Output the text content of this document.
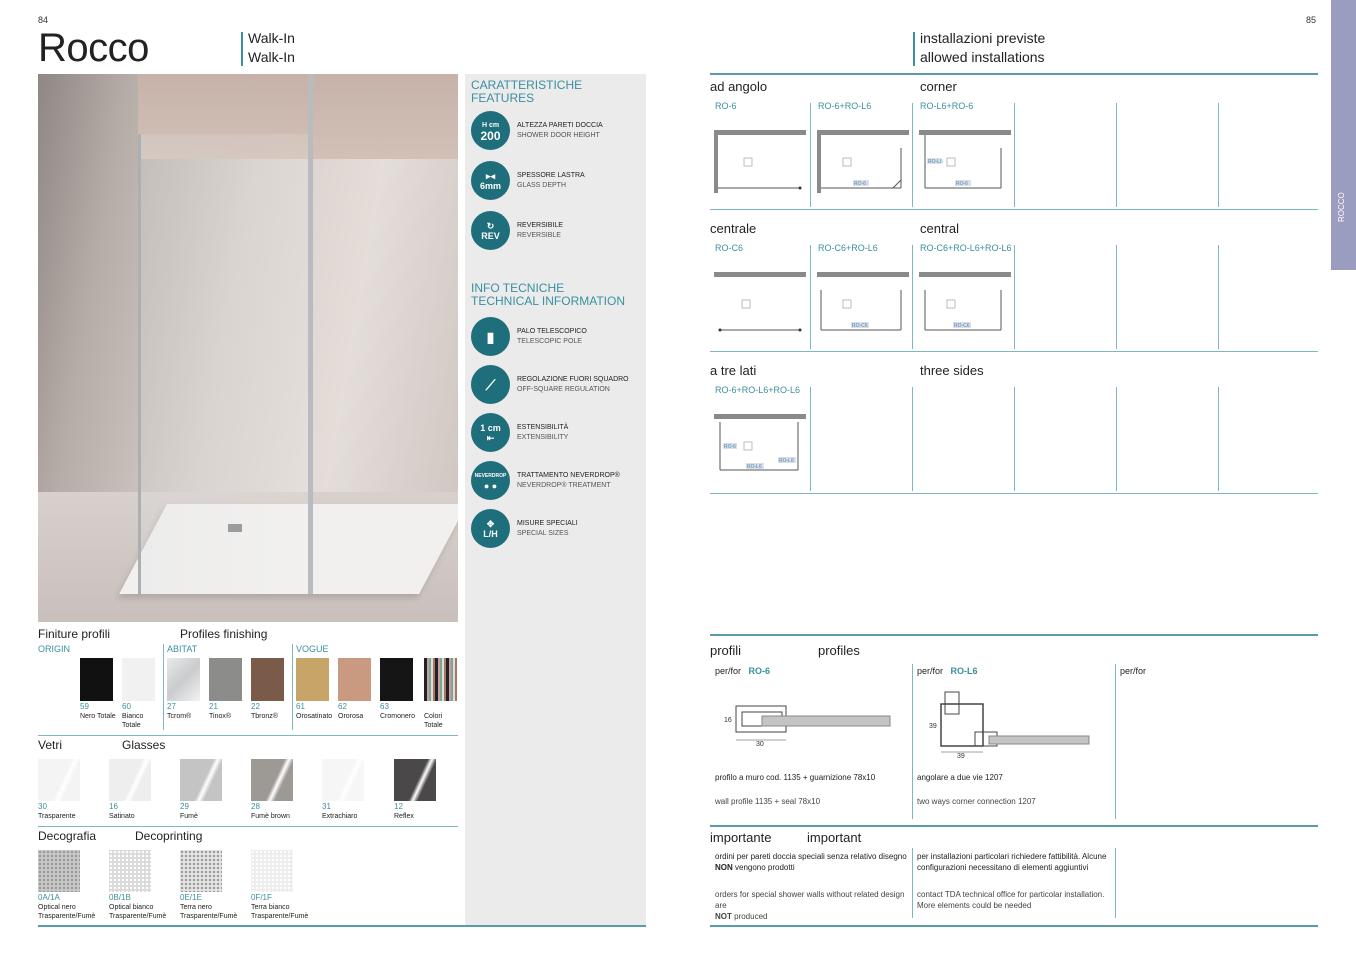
84
Rocco	Walk-In
Walk-In
CARATTERISTICHE
FEATURES
H cm
200
ALTEZZA PARETI DOCCIA
SHOWER DOOR HEIGHT
▸◂
6mm
SPESSORE LASTRA
GLASS DEPTH
↻
REV
REVERSIBILE
REVERSIBLE
INFO TECNICHE
TECHNICAL INFORMATION
▮	PALO TELESCOPICO
TELESCOPIC POLE
⟋	REGOLAZIONE FUORI SQUADRO
OFF-SQUARE REGULATION
1 cm
⇤
ESTENSIBILITÀ
EXTENSIBILITY
NEVERDROP
● ●
TRATTAMENTO NEVERDROP®
NEVERDROP® TREATMENT
✥
L/H
MISURE SPECIALI
SPECIAL SIZES
Finiture profili	Profiles finishing
ORIGIN	ABITAT	VOGUE
59
Nero Totale
60
Bianco Totale
27
Tcrom®
21
Tinox®
22
Tbronz®
61
Orosatinato
62
Ororosa
63
Cromonero	Colori Totale
Vetri	Glasses
30
Trasparente
16
Satinato
29
Fumè
28
Fumè brown
31
Extrachiaro
12
Reflex
Decografia	Decoprinting
0A/1A
Optical nero
Trasparente/Fumè
0B/1B
Optical bianco
Trasparente/Fumè
0E/1E
Terra nero
Trasparente/Fumè
0F/1F
Terra bianco
Trasparente/Fumè
85
ROCCO
installazioni previste
allowed installations
ad angolo	corner
RO-6	RO-6+RO-L6	RO-L6+RO-6
RO-6
RO-L6
RO-6
centrale	central
RO-C6	RO-C6+RO-L6	RO-C6+RO-L6+RO-L6
RO-C6	RO-C6
a tre lati	three sides
RO-6+RO-L6+RO-L6
RO-6
RO-L6
RO-L6
profili	profiles
per/for RO-6	per/for RO-L6	per/for
16
30
39
39
profilo a muro cod. 1135 + guarnizione 78x10
wall profile 1135 + seal 78x10
angolare a due vie 1207
two ways corner connection 1207
importante	important
ordini per pareti doccia speciali senza relativo disegno
NON vengono prodotti
orders for special shower walls without related design are
NOT produced
per installazioni particolari richiedere fattibilità. Alcune configurazioni necessitano di elementi aggiuntivi
contact TDA technical office for particolar installation. More elements could be needed
